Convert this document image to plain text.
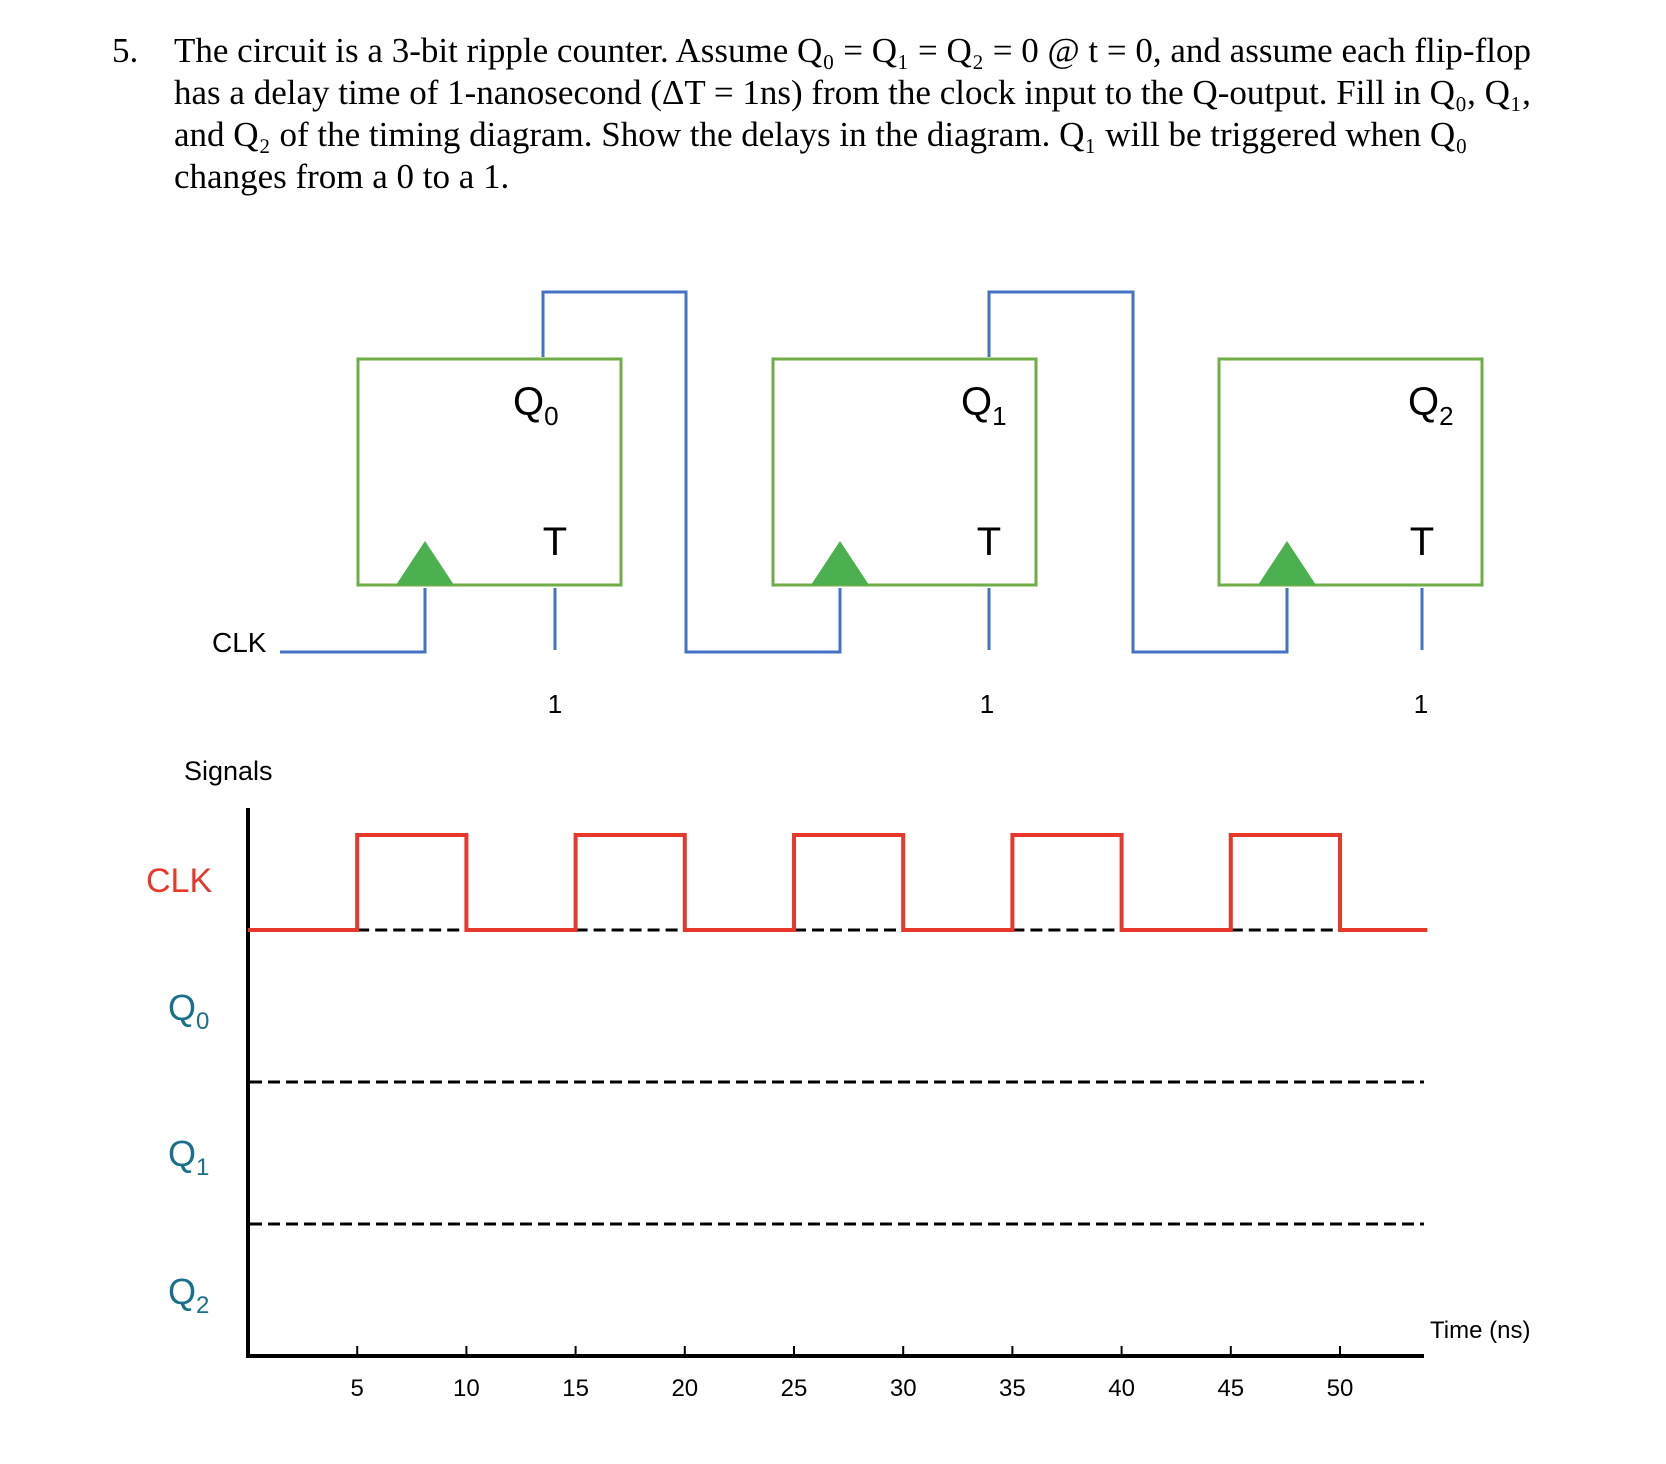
5. The circuit is a 3-bit ripple counter. Assume Q₀ = Q₁ = Q₂ = 0 @ t = 0, and assume each flip-flop has a delay time of 1-nanosecond (ΔT = 1ns) from the clock input to the Q-output. Fill in Q₀, Q₁, and Q₂ of the timing diagram. Show the delays in the diagram. Q₁ will be triggered when Q₀ changes from a 0 to a 1.
CLK
$Q_0$	$Q_1$	$Q_2$
T	T	T
1	1	1
Signals
CLK
$Q_0$
$Q_1$
$Q_2$
5	10	15	20	25	30	35	40	45	50
Time (ns)
